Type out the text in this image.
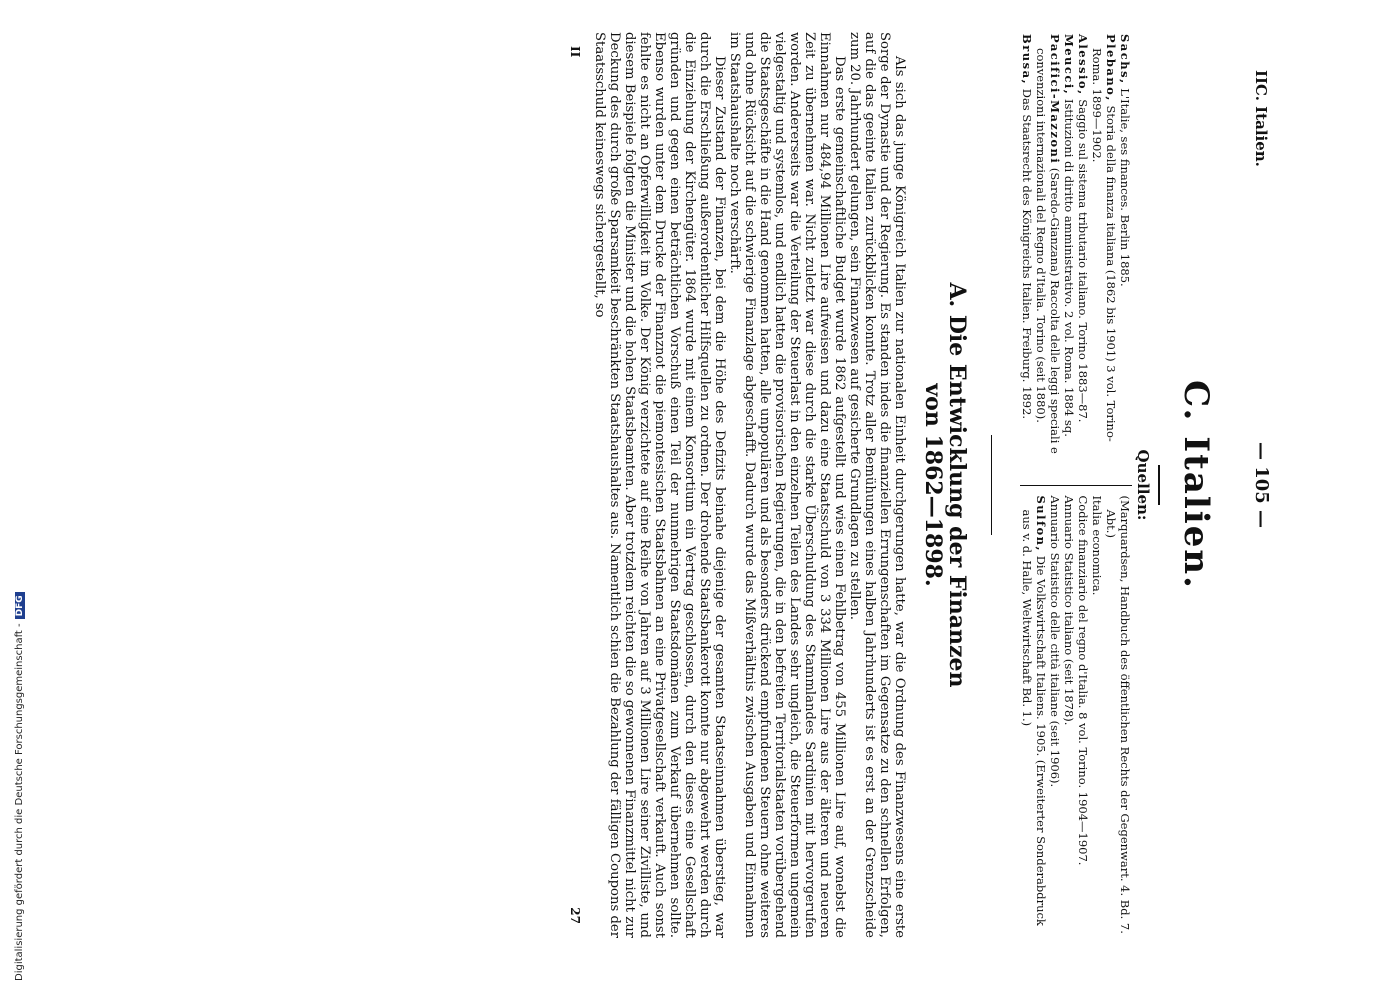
IIC. Italien.
— 105 —
C. Italien.
Quellen:

Sachs, L'Italie, ses finances. Berlin 1885.

Plebano, Storia della finanza italiana (1862 bis 1901) 3 vol. Torino-Roma. 1899—1902.

Alessio, Saggio sul sistema tributario italiano. Torino 1883—87.

Meucci, Istituzioni di diritto amministrativo. 2 vol. Roma. 1884 sq.

Pacifici-Mazzoni (Saredo-Gianzana) Raccolta delle leggi speciali e convenzioni internazionali del Regno d'Italia. Torino (seit 1880).

Brusa, Das Staatsrecht des Königreichs Italien. Freiburg. 1892.

(Marquardsen, Handbuch des öffentlichen Rechts der Gegenwart. 4. Bd. 7. Abt.)

Italia economica.

Codice finanziario del regno d'Italia. 8 vol. Torino. 1904—1907.

Annuario Statistico italiano (seit 1878).

Annuario Statistico delle città italiane (seit 1906).

Sulfon, Die Volkswirtschaft Italiens. 1905. (Erweiterter Sonderabdruck aus v. d. Halle, Weltwirtschaft Bd. 1.)

A. Die Entwicklung der Finanzen
von 1862—1898.

Als sich das junge Königreich Italien zur nationalen Einheit durchgerungen hatte, war die Ordnung des Finanzwesens eine erste Sorge der Dynastie und der Regierung. Es standen indes die finanziellen Errungenschaften im Gegensatze zu den schnellen Erfolgen, auf die das geeinte Italien zurückblicken konnte. Trotz aller Bemühungen eines halben Jahrhunderts ist es erst an der Grenzscheide zum 20. Jahrhundert gelungen, sein Finanzwesen auf gesicherte Grundlagen zu stellen.

Das erste gemeinschaftliche Budget wurde 1862 aufgestellt und wies einen Fehlbetrag von 455 Millionen Lire auf, wonebst die Einnahmen nur 484,94 Millionen Lire aufweisen und dazu eine Staatsschuld von 3 334 Millionen Lire aus der älteren und neueren Zeit zu übernehmen war. Nicht zuletzt war diese durch die starke Überschuldung des Stammlandes Sardinien mit hervorgerufen worden. Andererseits war die Verteilung der Steuerlast in den einzelnen Teilen des Landes sehr ungleich, die Steuerformen ungemein vielgestaltig und systemlos, und endlich hatten die provisorischen Regierungen, die in den befreiten Territorialstaaten vorübergehend die Staatsgeschäfte in die Hand genommen hatten, alle unpopulären und als besonders drückend empfundenen Steuern ohne weiteres und ohne Rücksicht auf die schwierige Finanzlage abgeschafft. Dadurch wurde das Mißverhältnis zwischen Ausgaben und Einnahmen im Staatshaushalte noch verschärft.

Dieser Zustand der Finanzen, bei dem die Höhe des Defizits beinahe diejenige der gesamten Staatseinnahmen überstieg, war durch die Erschließung außerordentlicher Hilfsquellen zu ordnen. Der drohende Staatsbankerott konnte nur abgewehrt werden durch die Einziehung der Kirchengüter. 1864 wurde mit einem Konsortium ein Vertrag geschlossen, durch den dieses eine Gesellschaft gründen und gegen einen beträchtlichen Vorschuß einen Teil der nunmehrigen Staatsdomänen zum Verkauf übernehmen sollte. Ebenso wurden unter dem Drucke der Finanznot die piemontesischen Staatsbahnen an eine Privatgesellschaft verkauft. Auch sonst fehlte es nicht an Opferwilligkeit im Volke. Der König verzichtete auf eine Reihe von Jahren auf 3 Millionen Lire seiner Zivilliste, und diesem Beispiele folgten die Minister und die hohen Staatsbeamten. Aber trotzdem reichten die so gewonnenen Finanzmittel nicht zur Deckung des durch große Sparsamkeit beschränkten Staatshaushaltes aus. Namentlich schien die Bezahlung der fälligen Coupons der Staatsschuld keineswegs sichergestellt, so

II
27
Digitalisierung gefördert durch die Deutsche Forschungsgemeinschaft -DFG
